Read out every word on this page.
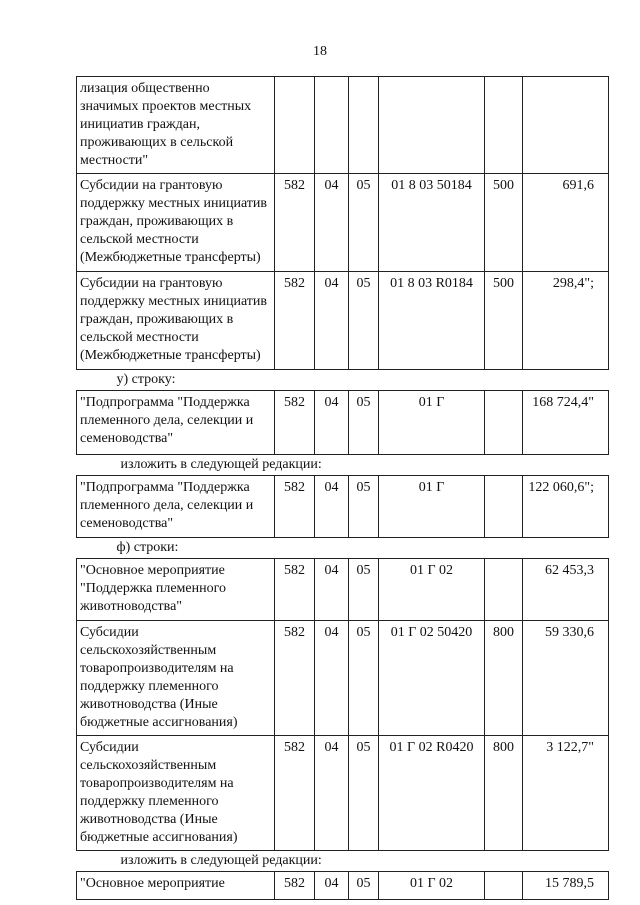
18
лизация общественно значимых проектов местных инициатив граждан, проживающих в сельской местности"						
Субсидии на грантовую поддержку местных инициатив граждан, проживающих в сельской местности (Межбюджетные трансферты)	582	04	05	01 8 03 50184	500	691,6
Субсидии на грантовую поддержку местных инициатив граждан, проживающих в сельской местности (Межбюджетные трансферты)	582	04	05	01 8 03 R0184	500	298,4";
у) строку:						
"Подпрограмма "Поддержка племенного дела, селекции и семеноводства"	582	04	05	01 Г		168 724,4"
изложить в следующей редакции:						
"Подпрограмма "Поддержка племенного дела, селекции и семеноводства"	582	04	05	01 Г		122 060,6";
ф) строки:						
"Основное мероприятие "Поддержка племенного животноводства"	582	04	05	01 Г 02		62 453,3
Субсидии сельскохозяйственным товаропроизводителям на поддержку племенного животноводства (Иные бюджетные ассигнования)	582	04	05	01 Г 02 50420	800	59 330,6
Субсидии сельскохозяйственным товаропроизводителям на поддержку племенного животноводства (Иные бюджетные ассигнования)	582	04	05	01 Г 02 R0420	800	3 122,7"
изложить в следующей редакции:						
"Основное мероприятие	582	04	05	01 Г 02		15 789,5
